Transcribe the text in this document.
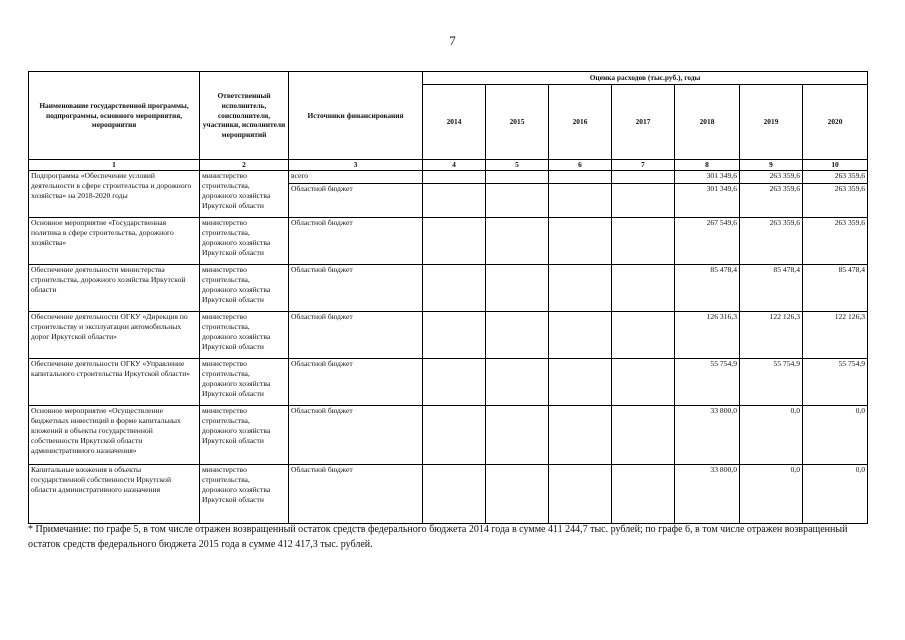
7
Наименование государственной программы, подпрограммы, основного мероприятия, мероприятия	Ответственный исполнитель, соисполнители, участники, исполнители мероприятий	Источники финансирования	Оценка расходов (тыс.руб.), годы						
			2014	2015	2016	2017	2018	2019	2020
1	2	3	4	5	6	7	8	9	10
Подпрограмма «Обеспечение условий деятельности в сфере строительства и дорожного хозяйства» на 2018-2020 годы	министерство строительства, дорожного хозяйства Иркутской области	всего					301 349,6	263 359,6	263 359,6
		Областной бюджет					301 349,6	263 359,6	263 359,6
Основное мероприятие «Государственная политика в сфере строительства, дорожного хозяйства»	министерство строительства, дорожного хозяйства Иркутской области	Областной бюджет					267 549,6	263 359,6	263 359,6
Обеспечение деятельности министерства строительства, дорожного хозяйства Иркутской области	министерство строительства, дорожного хозяйства Иркутской области	Областной бюджет					85 478,4	85 478,4	85 478,4
Обеспечение деятельности ОГКУ «Дирекция по строительству и эксплуатации автомобильных дорог Иркутской области»	министерство строительства, дорожного хозяйства Иркутской области	Областной бюджет					126 316,3	122 126,3	122 126,3
Обеспечение деятельности ОГКУ «Управление капитального строительства Иркутской области»	министерство строительства, дорожного хозяйства Иркутской области	Областной бюджет					55 754,9	55 754,9	55 754,9
Основное мероприятие «Осуществление бюджетных инвестиций в форме капитальных вложений в объекты государственной собственности Иркутской области административного назначения»	министерство строительства, дорожного хозяйства Иркутской области	Областной бюджет					33 800,0	0,0	0,0
Капитальные вложения в объекты государственной собственности Иркутской области административного назначения	министерство строительства, дорожного хозяйства Иркутской области	Областной бюджет					33 800,0	0,0	0,0
* Примечание: по графе 5, в том числе отражен возвращенный остаток средств федерального бюджета 2014 года в сумме 411 244,7 тыс. рублей; по графе 6, в том числе отражен возвращенный остаток средств федерального бюджета 2015 года в сумме 412 417,3 тыс. рублей.
